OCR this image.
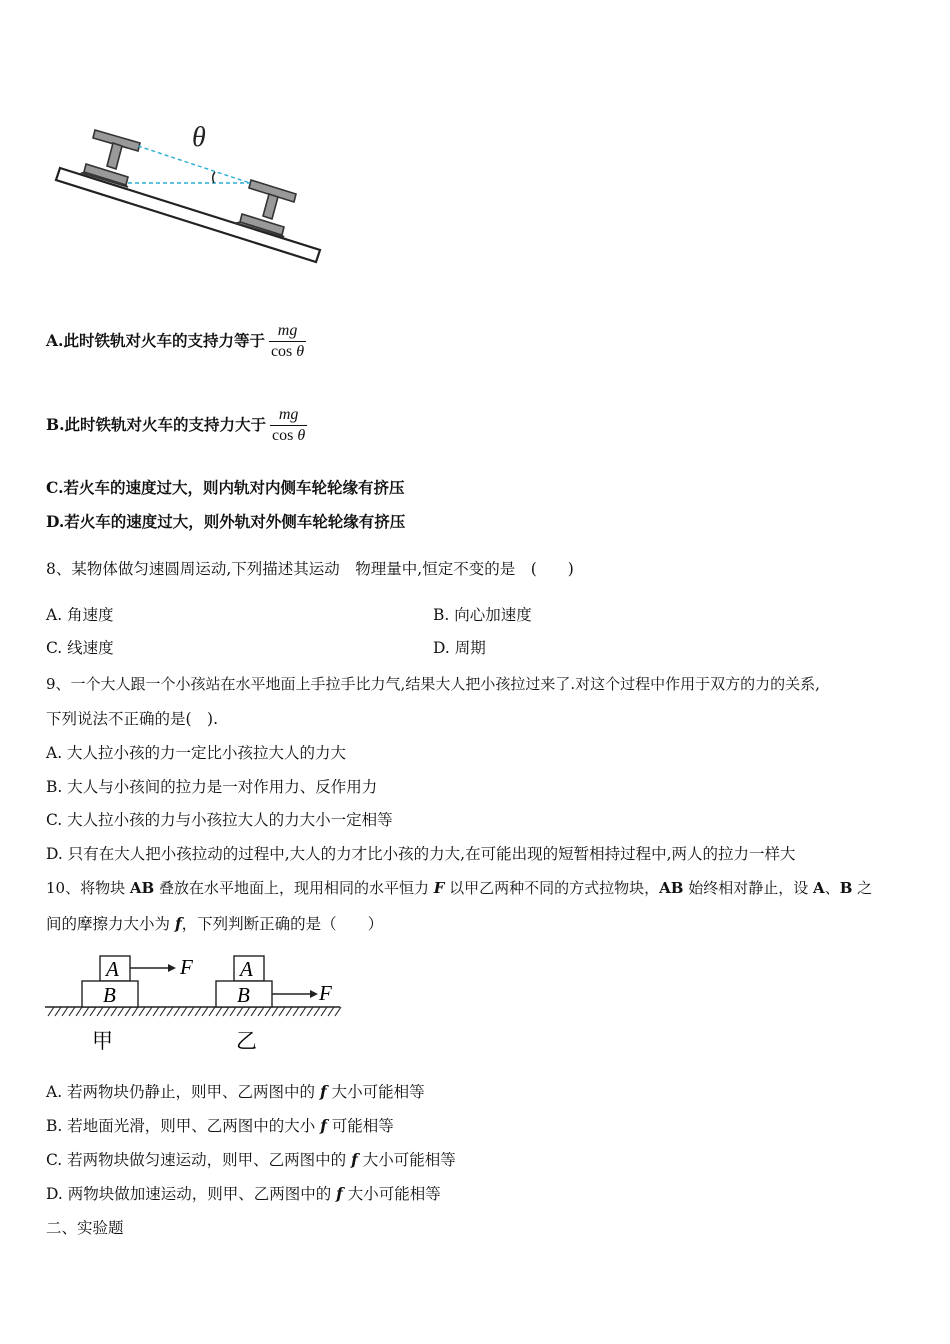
θ
A. 此时铁轨对火车的支持力等于 $\frac{mg}{\text{cos θ}}$
B. 此时铁轨对火车的支持力大于 $\frac{mg}{\text{cos θ}}$
C.若火车的速度过大，则内轨对内侧车轮轮缘有挤压
D.若火车的速度过大，则外轨对外侧车轮轮缘有挤压
8、某物体做匀速圆周运动,下列描述其运动　物理量中,恒定不变的是　(　　)
A. 角速度	B. 向心加速度
C. 线速度	D. 周期
9、一个大人跟一个小孩站在水平地面上手拉手比力气,结果大人把小孩拉过来了.对这个过程中作用于双方的力的关系,
下列说法不正确的是(　).
A. 大人拉小孩的力一定比小孩拉大人的力大
B. 大人与小孩间的拉力是一对作用力、反作用力
C. 大人拉小孩的力与小孩拉大人的力大小一定相等
D. 只有在大人把小孩拉动的过程中,大人的力才比小孩的力大,在可能出现的短暂相持过程中,两人的拉力一样大
10、将物块 AB 叠放在水平地面上，现用相同的水平恒力 F 以甲乙两种不同的方式拉物块，AB 始终相对静止，设 A、B 之
间的摩擦力大小为 f，下列判断正确的是（　　）
A
B
F
甲
A
B	F
乙
A. 若两物块仍静止，则甲、乙两图中的 f 大小可能相等
B. 若地面光滑，则甲、乙两图中的大小 f 可能相等
C. 若两物块做匀速运动，则甲、乙两图中的 f 大小可能相等
D. 两物块做加速运动，则甲、乙两图中的 f 大小可能相等
二、实验题
